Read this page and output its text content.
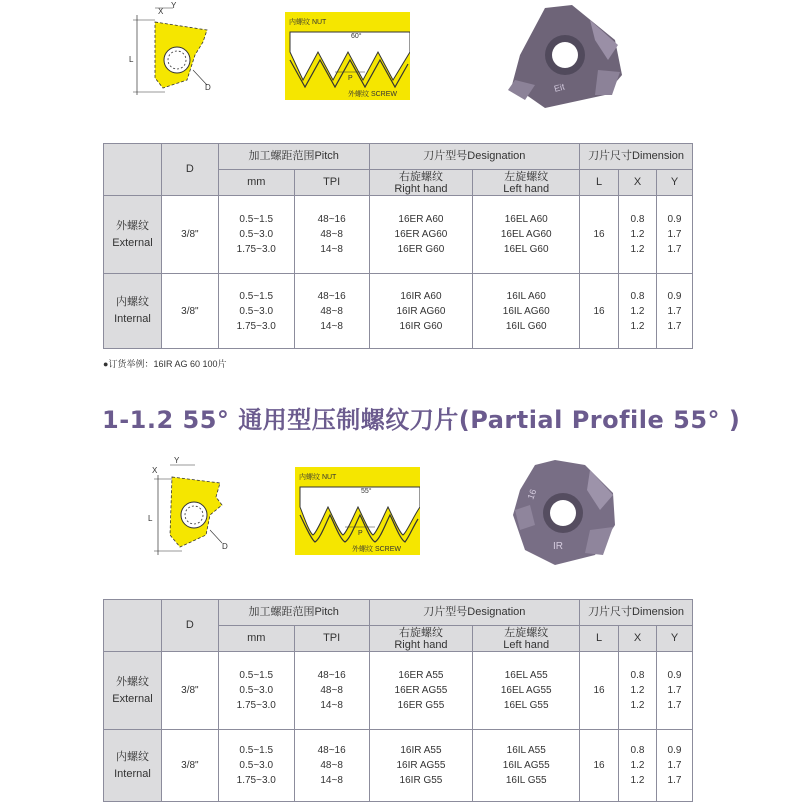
X
Y
L
D
内螺纹 NUT
60°
P
外螺纹 SCREW
Eit
	D	加工螺距范围Pitch		刀片型号Designation		刀片尺寸Dimension		
		mm	TPI	右旋螺纹
Right hand	左旋螺纹
Left hand	L	X	Y

外螺纹
External	3/8"	0.5~1.5
0.5~3.0
1.75~3.0	48~16
48~8
14~8	16ER A60
16ER AG60
16ER G60	16EL A60
16EL AG60
16EL G60	16	0.8
1.2
1.2	0.9
1.7
1.7

内螺纹
Internal	3/8"	0.5~1.5
0.5~3.0
1.75~3.0	48~16
48~8
14~8	16IR A60
16IR AG60
16IR G60	16IL A60
16IL AG60
16IL G60	16	0.8
1.2
1.2	0.9
1.7
1.7
●订货举例：16IR AG 60 100片
1-1.2 55° 通用型压制螺纹刀片(Partial Profile 55° )
X
Y
L
D
内螺纹 NUT
55°
P
外螺纹 SCREW	IR
16
	D	加工螺距范围Pitch		刀片型号Designation		刀片尺寸Dimension		
		mm	TPI	右旋螺纹
Right hand	左旋螺纹
Left hand	L	X	Y

外螺纹
External	3/8"	0.5~1.5
0.5~3.0
1.75~3.0	48~16
48~8
14~8	16ER A55
16ER AG55
16ER G55	16EL A55
16EL AG55
16EL G55	16	0.8
1.2
1.2	0.9
1.7
1.7

内螺纹
Internal	3/8"	0.5~1.5
0.5~3.0
1.75~3.0	48~16
48~8
14~8	16IR A55
16IR AG55
16IR G55	16IL A55
16IL AG55
16IL G55	16	0.8
1.2
1.2	0.9
1.7
1.7
